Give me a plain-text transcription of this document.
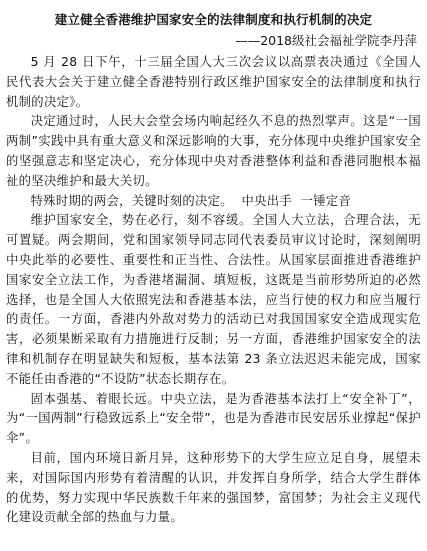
建立健全香港维护国家安全的法律制度和执行机制的决定
——2018级社会福祉学院李丹萍

5 月 28 日下午，十三届全国人大三次会议以高票表决通过《全国人民代表大会关于建立健全香港特别行政区维护国家安全的法律制度和执行机制的决定》。

决定通过时，人民大会堂会场内响起经久不息的热烈掌声。这是“一国两制”实践中具有重大意义和深远影响的大事，充分体现中央维护国家安全的坚强意志和坚定决心，充分体现中央对香港整体利益和香港同胞根本福祉的坚决维护和最大关切。

特殊时期的两会，关键时刻的决定。  中央出手  一锤定音

维护国家安全，势在必行，刻不容缓。全国人大立法，合理合法，无可置疑。两会期间，党和国家领导同志同代表委员审议讨论时，深刻阐明中央此举的必要性、重要性和正当性、合法性。从国家层面推进香港维护国家安全立法工作，为香港堵漏洞、填短板，这既是当前形势所迫的必然选择，也是全国人大依照宪法和香港基本法，应当行使的权力和应当履行的责任。一方面，香港内外敌对势力的活动已对我国国家安全造成现实危害，必须果断采取有力措施进行反制；另一方面，香港维护国家安全的法律和机制存在明显缺失和短板，基本法第 23 条立法迟迟未能完成，国家不能任由香港的“不设防”状态长期存在。

固本强基、着眼长远。中央立法，是为香港基本法打上“安全补丁”，为“一国两制”行稳致远系上“安全带”，也是为香港市民安居乐业撑起“保护伞”。

目前，国内环境日新月异，这种形势下的大学生应立足自身，展望未来，对国际国内形势有着清醒的认识，并发挥自身所学，结合大学生群体的优势，努力实现中华民族数千年来的强国梦，富国梦；为社会主义现代化建设贡献全部的热血与力量。
